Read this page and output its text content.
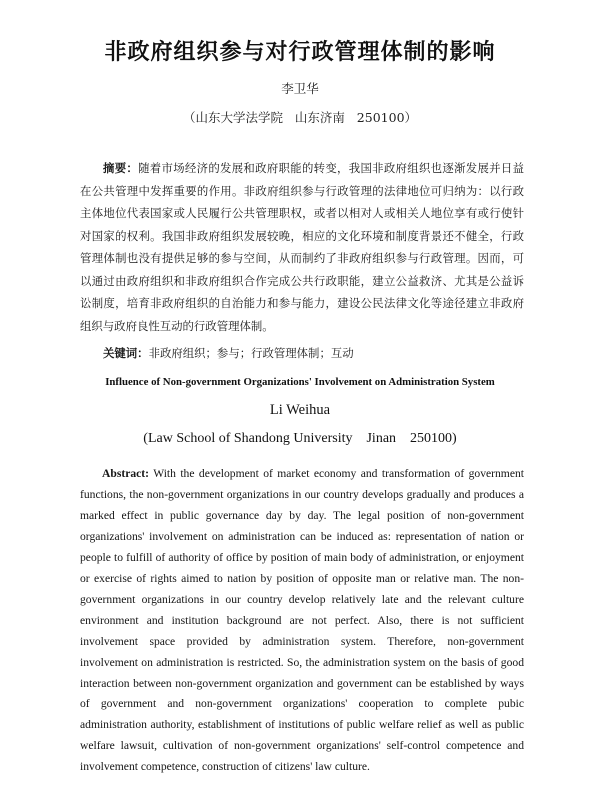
非政府组织参与对行政管理体制的影响
李卫华
（山东大学法学院   山东济南   250100）

摘要：随着市场经济的发展和政府职能的转变，我国非政府组织也逐渐发展并日益在公共管理中发挥重要的作用。非政府组织参与行政管理的法律地位可归纳为：以行政主体地位代表国家或人民履行公共管理职权，或者以相对人或相关人地位享有或行使针对国家的权利。我国非政府组织发展较晚，相应的文化环境和制度背景还不健全，行政管理体制也没有提供足够的参与空间，从而制约了非政府组织参与行政管理。因而，可以通过由政府组织和非政府组织合作完成公共行政职能，建立公益救济、尤其是公益诉讼制度，培育非政府组织的自治能力和参与能力，建设公民法律文化等途径建立非政府组织与政府良性互动的行政管理体制。

关键词：非政府组织；参与；行政管理体制；互动
Influence of Non-government Organizations' Involvement on Administration System
Li Weihua
(Law School of Shandong University    Jinan    250100)

Abstract: With the development of market economy and transformation of government functions, the non-government organizations in our country develops gradually and produces a marked effect in public governance day by day. The legal position of non-government organizations' involvement on administration can be induced as: representation of nation or people to fulfill of authority of office by position of main body of administration, or enjoyment or exercise of rights aimed to nation by position of opposite man or relative man. The non-government organizations in our country develop relatively late and the relevant culture environment and institution background are not perfect. Also, there is not sufficient involvement space provided by administration system. Therefore, non-government involvement on administration is restricted. So, the administration system on the basis of good interaction between non-government organization and government can be established by ways of government and non-government organizations' cooperation to complete pubic administration authority, establishment of institutions of public welfare relief as well as public welfare lawsuit, cultivation of non-government organizations' self-control competence and involvement competence, construction of citizens' law culture.
